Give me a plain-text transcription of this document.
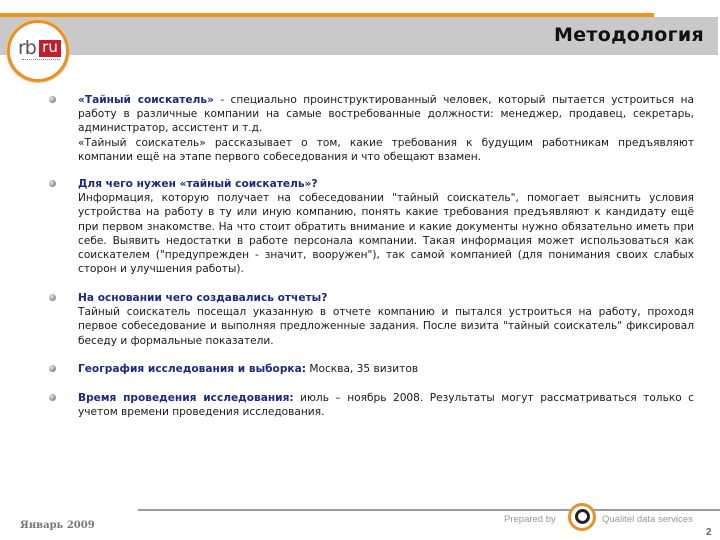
Методология
rb ru
«Тайный соискатель» - специально проинструктированный человек, который пытается устроиться на работу в различные компании на самые востребованные должности: менеджер, продавец, секретарь, администратор, ассистент и т.д.
«Тайный соискатель» рассказывает о том, какие требования к будущим работникам предъявляют компании ещё на этапе первого собеседования и что обещают взамен.
Для чего нужен «тайный соискатель»?
Информация, которую получает на собеседовании "тайный соискатель", помогает выяснить условия устройства на работу в ту или иную компанию, понять какие требования предъявляют к кандидату ещё при первом знакомстве. На что стоит обратить внимание и какие документы нужно обязательно иметь при себе. Выявить недостатки в работе персонала компании. Такая информация может использоваться как соискателем ("предупрежден - значит, вооружен"), так самой компанией (для понимания своих слабых сторон и улучшения работы).
На основании чего создавались отчеты?
Тайный соискатель посещал указанную в отчете компанию и пытался устроиться на работу, проходя первое собеседование и выполняя предложенные задания. После визита "тайный соискатель" фиксировал беседу и формальные показатели.
География исследования и выборка: Москва, 35 визитов
Время проведения исследования: июль – ноябрь 2008. Результаты могут рассматриваться только с учетом времени проведения исследования.
Январь 2009
Prepared by	Qualitel data services
2
